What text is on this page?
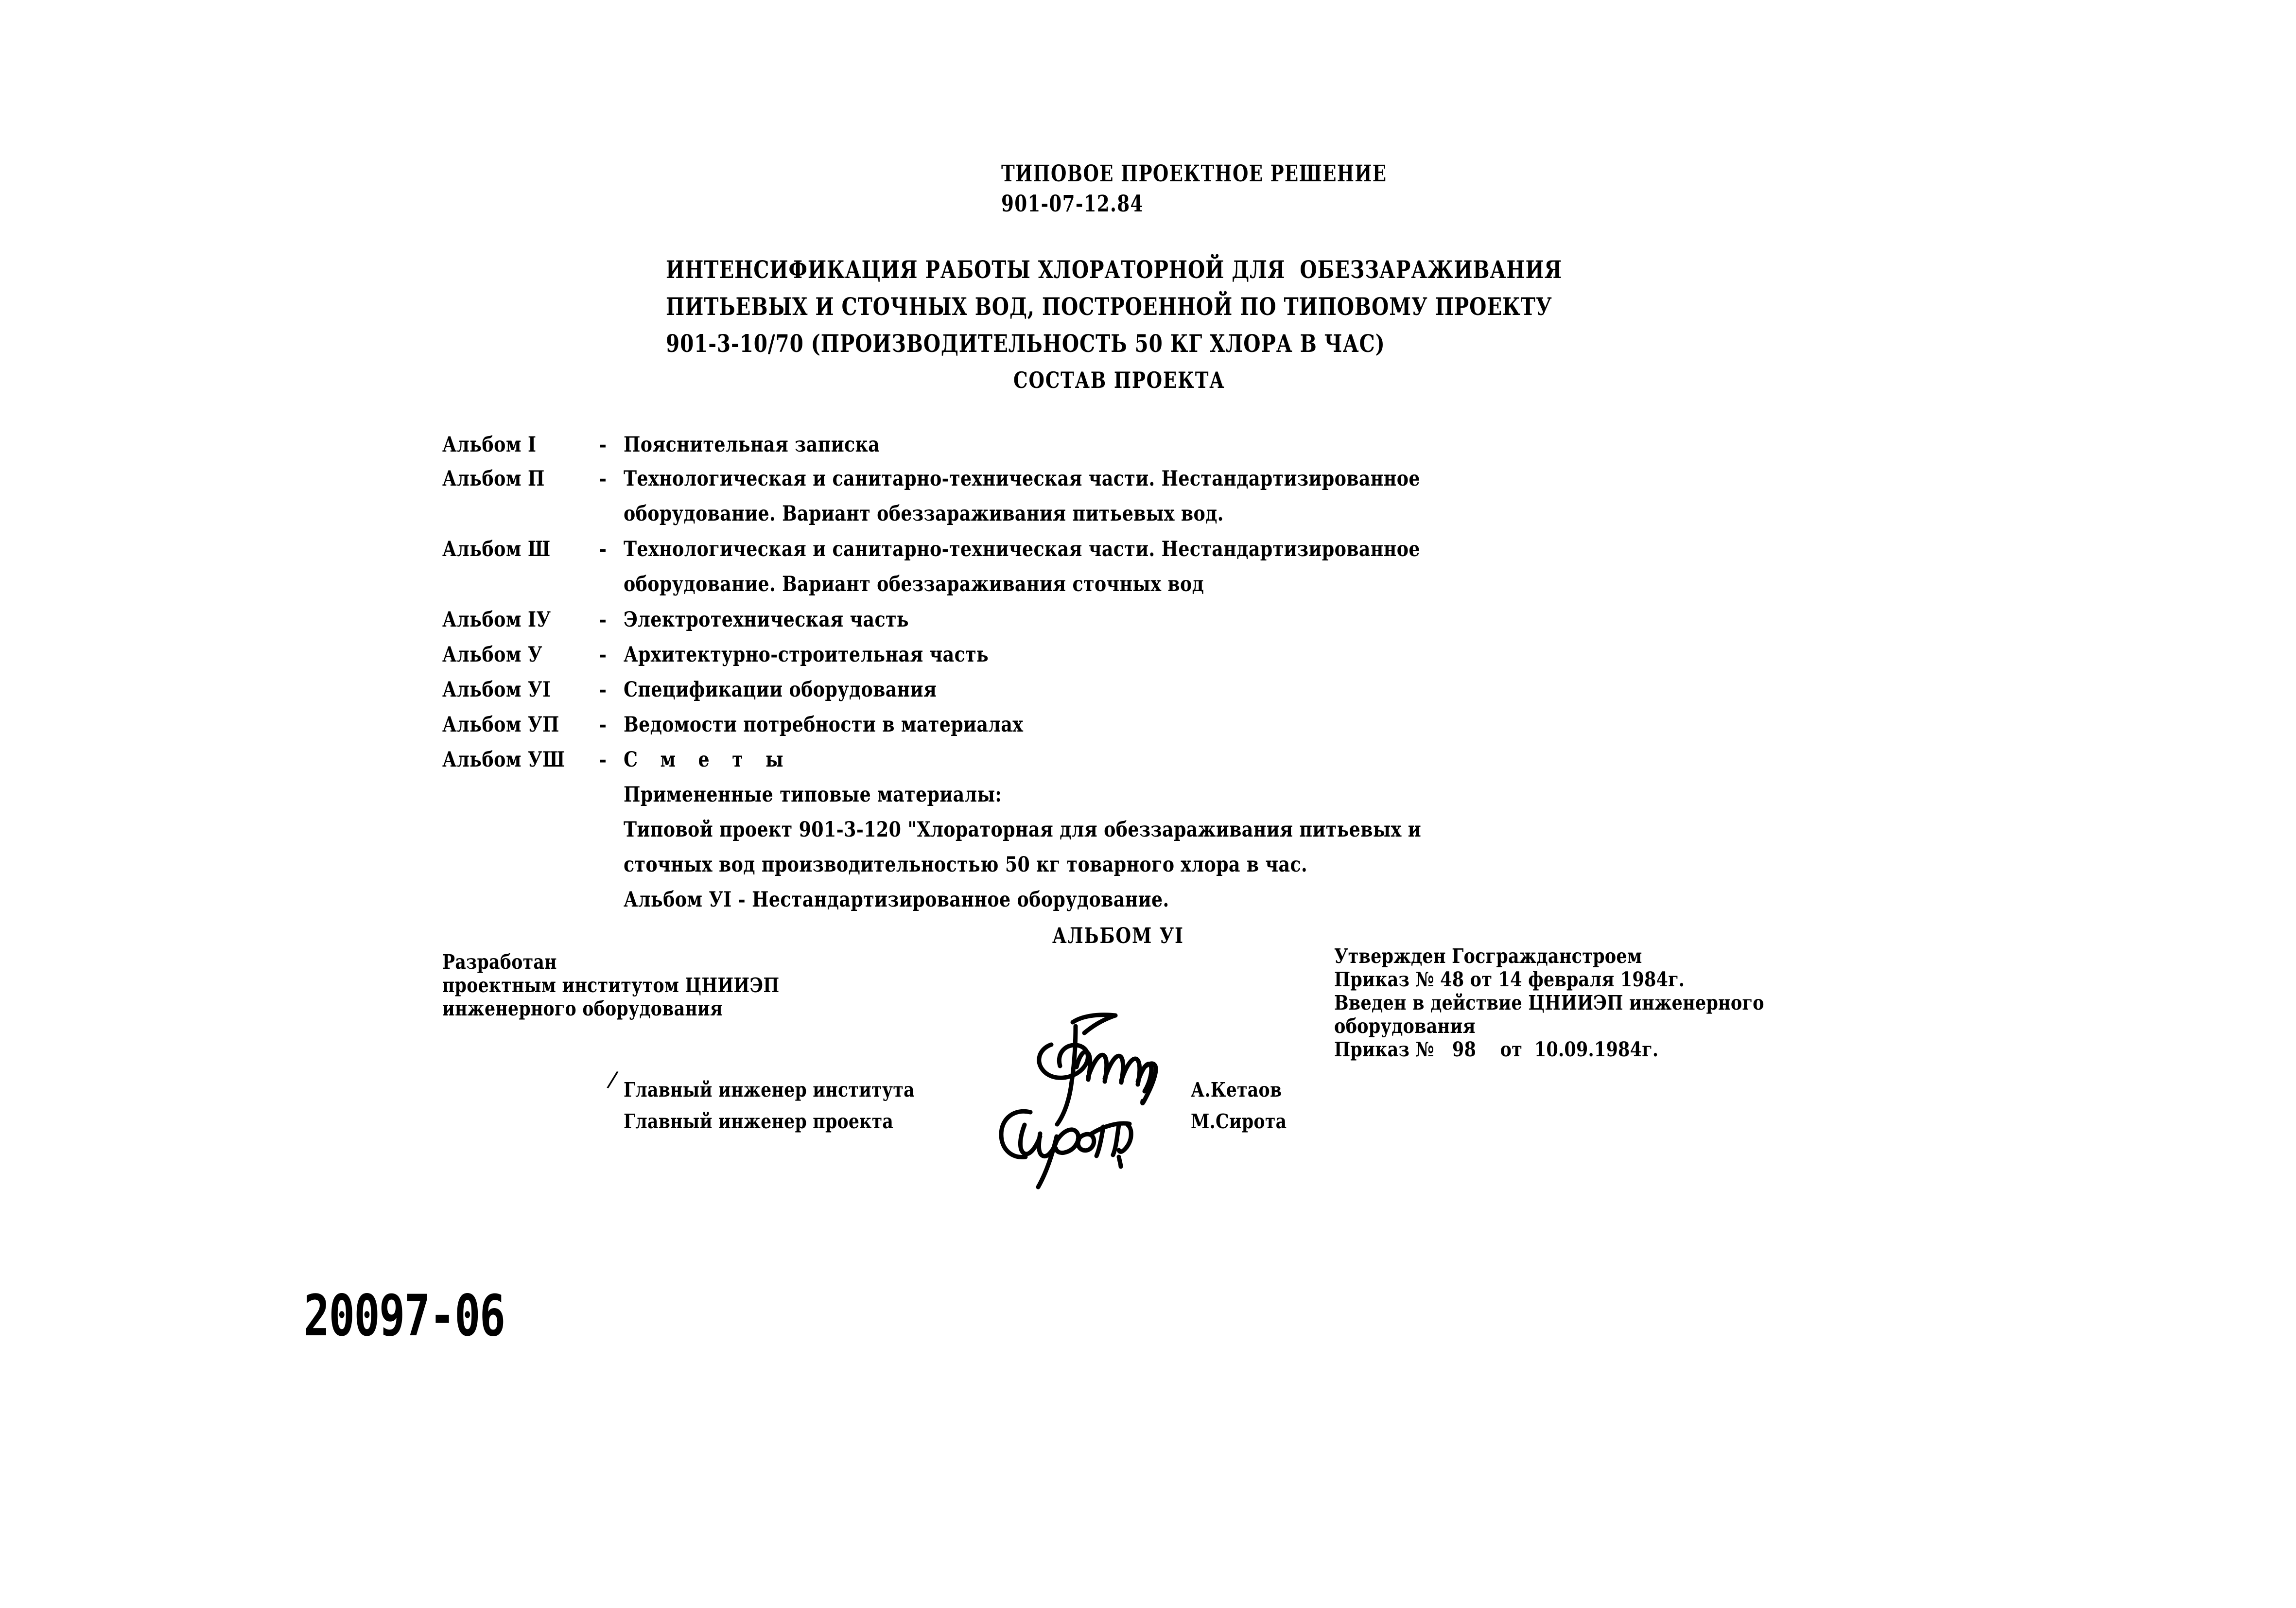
ТИПОВОЕ ПРОЕКТНОЕ РЕШЕНИЕ

901-07-12.84

ИНТЕНСИФИКАЦИЯ РАБОТЫ ХЛОРАТОРНОЙ ДЛЯ  ОБЕЗЗАРАЖИВАНИЯ

ПИТЬЕВЫХ И СТОЧНЫХ ВОД, ПОСТРОЕННОЙ ПО ТИПОВОМУ ПРОЕКТУ

901-3-10/70 (ПРОИЗВОДИТЕЛЬНОСТЬ 50 КГ ХЛОРА В ЧАС)

СОСТАВ ПРОЕКТА
Альбом I	- Пояснительная записка
Альбом П	- Технологическая и санитарно-техническая части. Нестандартизированное
оборудование. Вариант обеззараживания питьевых вод.
Альбом Ш - Технологическая и санитарно-техническая части. Нестандартизированное
оборудование. Вариант обеззараживания сточных вод
Альбом IУ - Электротехническая часть
Альбом У	- Архитектурно-строительная часть
Альбом УI - Спецификации оборудования
Альбом УП - Ведомости потребности в материалах
Альбом УШ - С м е т ы
Примененные типовые материалы:
Типовой проект 901-3-120 "Хлораторная для обеззараживания питьевых и
сточных вод производительностью 50 кг товарного хлора в час.
Альбом УI - Нестандартизированное оборудование.
АЛЬБОМ УI
Разработан
проектным институтом ЦНИИЭП
инженерного оборудования
Утвержден Госгражданстроем
Приказ № 48 от 14 февраля 1984г.
Введен в действие ЦНИИЭП инженерного
оборудования
Приказ №   98    от  10.09.1984г.
/ Главный инженер института	А.Кетаов
Главный инженер проекта	М.Сирота
20097-06
